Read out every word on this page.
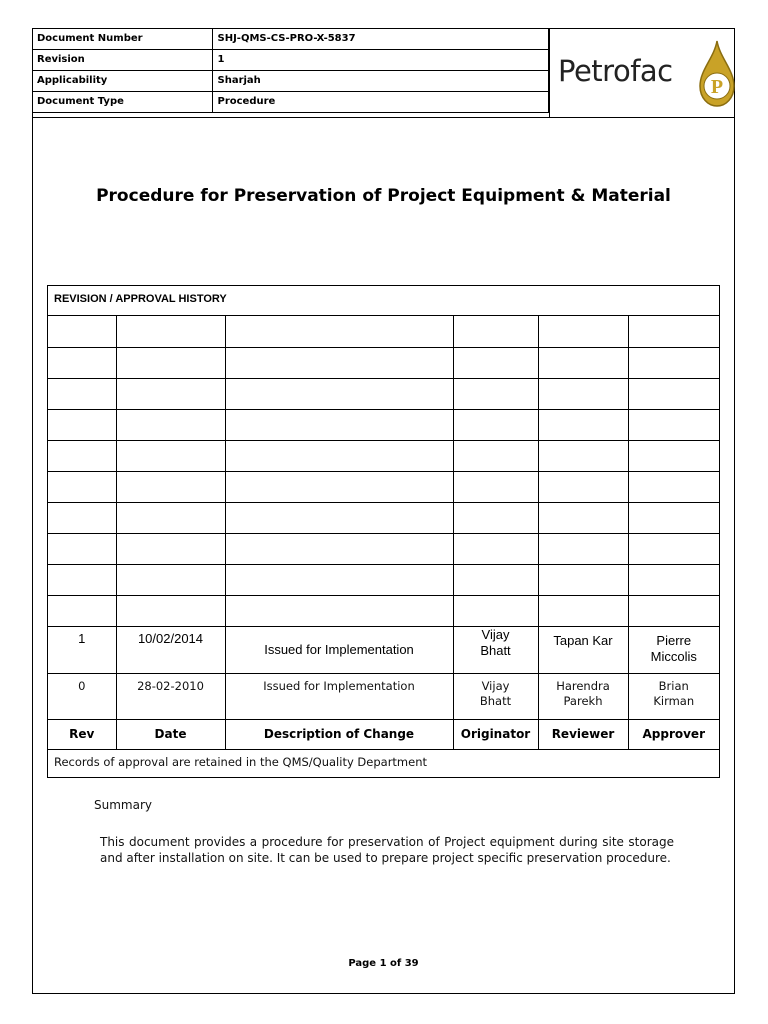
Document Number	SHJ-QMS-CS-PRO-X-5837
Revision	1
Applicability	Sharjah
Document Type	Procedure
Petrofac P
Procedure for Preservation of Project Equipment & Material
REVISION / APPROVAL HISTORY

1	10/02/2014	Issued for Implementation	Vijay Bhatt	Tapan Kar	Pierre Miccolis
0	28-02-2010	Issued for Implementation	Vijay Bhatt	Harendra Parekh	Brian Kirman
Rev	Date	Description of Change	Originator	Reviewer	Approver
Records of approval are retained in the QMS/Quality Department
Summary
This document provides a procedure for preservation of Project equipment during site storage and after installation on site. It can be used to prepare project specific preservation procedure.
Page 1 of 39
